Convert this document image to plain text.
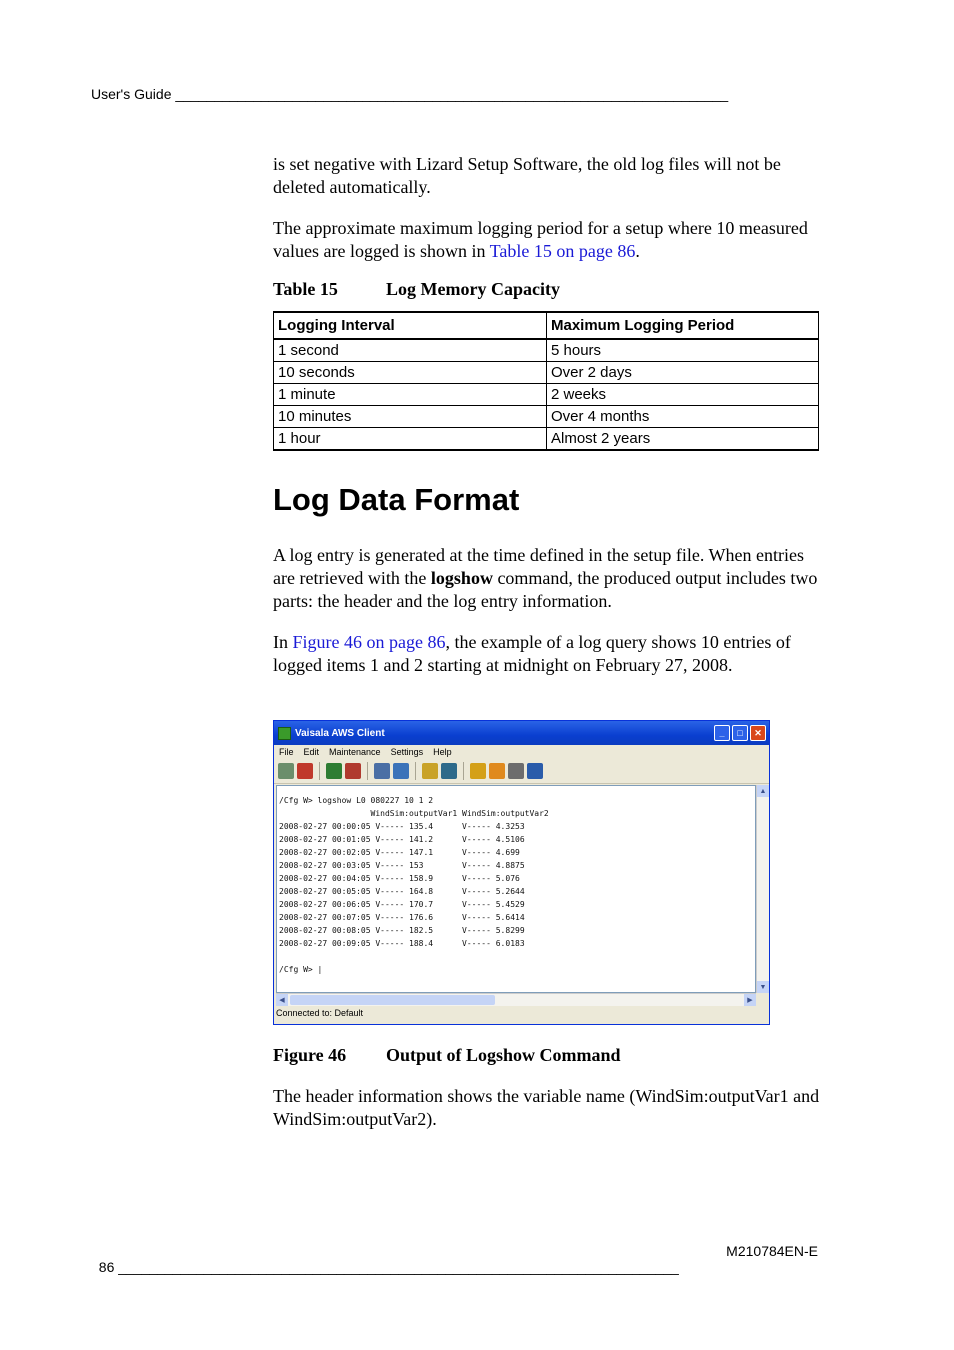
User's Guide _______________________________________________________________________

is set negative with Lizard Setup Software, the old log files will not be deleted automatically.

The approximate maximum logging period for a setup where 10 measured values are logged is shown in Table 15 on page 86.

Table 15	Log Memory Capacity
Logging Interval	Maximum Logging Period
1 second	5 hours
10 seconds	Over 2 days
1 minute	2 weeks
10 minutes	Over 4 months
1 hour	Almost 2 years
Log Data Format

A log entry is generated at the time defined in the setup file. When entries are retrieved with the logshow command, the produced output includes two parts: the header and the log entry information.

In Figure 46 on page 86, the example of a log query shows 10 entries of logged items 1 and 2 starting at midnight on February 27, 2008.

Vaisala AWS Client	_	□	✕
File Edit Maintenance Settings Help
/Cfg W> logshow L0 080227 10 1 2
WindSim:outputVar1 WindSim:outputVar2
2008-02-27 00:00:05 V----- 135.4      V----- 4.3253
2008-02-27 00:01:05 V----- 141.2      V----- 4.5106
2008-02-27 00:02:05 V----- 147.1      V----- 4.699
2008-02-27 00:03:05 V----- 153        V----- 4.8875
2008-02-27 00:04:05 V----- 158.9      V----- 5.076
2008-02-27 00:05:05 V----- 164.8      V----- 5.2644
2008-02-27 00:06:05 V----- 170.7      V----- 5.4529
2008-02-27 00:07:05 V----- 176.6      V----- 5.6414
2008-02-27 00:08:05 V----- 182.5      V----- 5.8299
2008-02-27 00:09:05 V----- 188.4      V----- 6.0183

/Cfg W> |
▲
▼
◀	▶
Connected to: Default
Figure 46 Output of Logshow Command

The header information shows the variable name (WindSim:outputVar1 and WindSim:outputVar2).

86 ________________________________________________________________________

M210784EN-E
